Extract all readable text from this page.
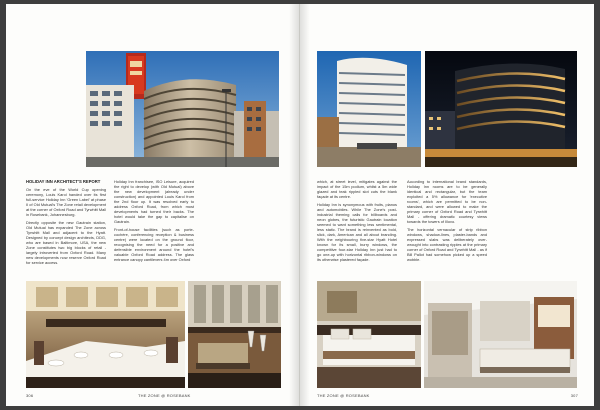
HOLIDAY INN ARCHITECT'S REPORT

On the eve of the World Cup opening ceremony, Louis Karol handed over its first full-service Holiday Inn 'Green Label' at phase II of Old Mutual's The Zone retail development at the corner of Oxford Road and Tyrwhitt Mall in Rosebank, Johannesburg.

Directly opposite the new Gautrain station, Old Mutual has expanded The Zone across Tyrwhitt Mall and adjacent to the Hyatt. Designed by concept design architects, DDG, who are based in Baltimore, USA, the new Zone constitutes two big blocks of retail - largely introverted from Oxford Road. Many new developments now reserve Oxford Road for service access.

Holiday Inn franchisee, ISO Leisure, acquired the right to develop (with Old Mutual) above the new development (already under construction) and appointed Louis Karol from the 2nd floor up. It was resolved early to address Oxford Road, from which most developments had turned their backs. The hotel would take the gap to capitalise on Gautrain.

Front-of-house facilities (such as porte-cochère, conferencing reception & business centre) were located on the ground floor, recognising the need for a positive and defensible environment around the hotel's valuable Oxford Road address. The glass entrance canopy cantilevers 4m over Oxford

306	THE ZONE @ ROSEBANK

which, at street level, mitigates against the impact of the 15m podium, whilst a 5m wide glazed and teak rippled slot cuts the blank façade at its centre.

Holiday Inn is synonymous with fruits, pianos and automobiles. While The Zone's post-industrial theming calls for billboards and neon globes, the futuristic Gautrain location seemed to want something less sentimental, less static. The brand is reinvented as bold, slick, dark, American and all about branding. With the neighbouring five-star Hyatt Hotel known for its small, burry windows, the competitive four-star Holiday Inn just had to go one-up with horizontal ribbon-windows on its otherwise plastered façade.

According to international brand standards, Holiday Inn rooms are to be generally identical and rectangular, but the team exploited a 5% allowance for 'executive rooms', which are permitted to be non-standard, and were allowed to make the primary corner of Oxford Road and Tyrwhitt Mall - offering dramatic courtesy views towards the towers of Illovo.

The horizontal vernacular of strip ribbon windows, shadow-lines, plaster-bands and expressed slabs was deliberately over-wrought into contrasting ripples at the primary corner of Oxford Road and Tyrwhitt Mall - as if Bill Pallot had somehow picked up a speed wobble.

THE ZONE @ ROSEBANK	307
